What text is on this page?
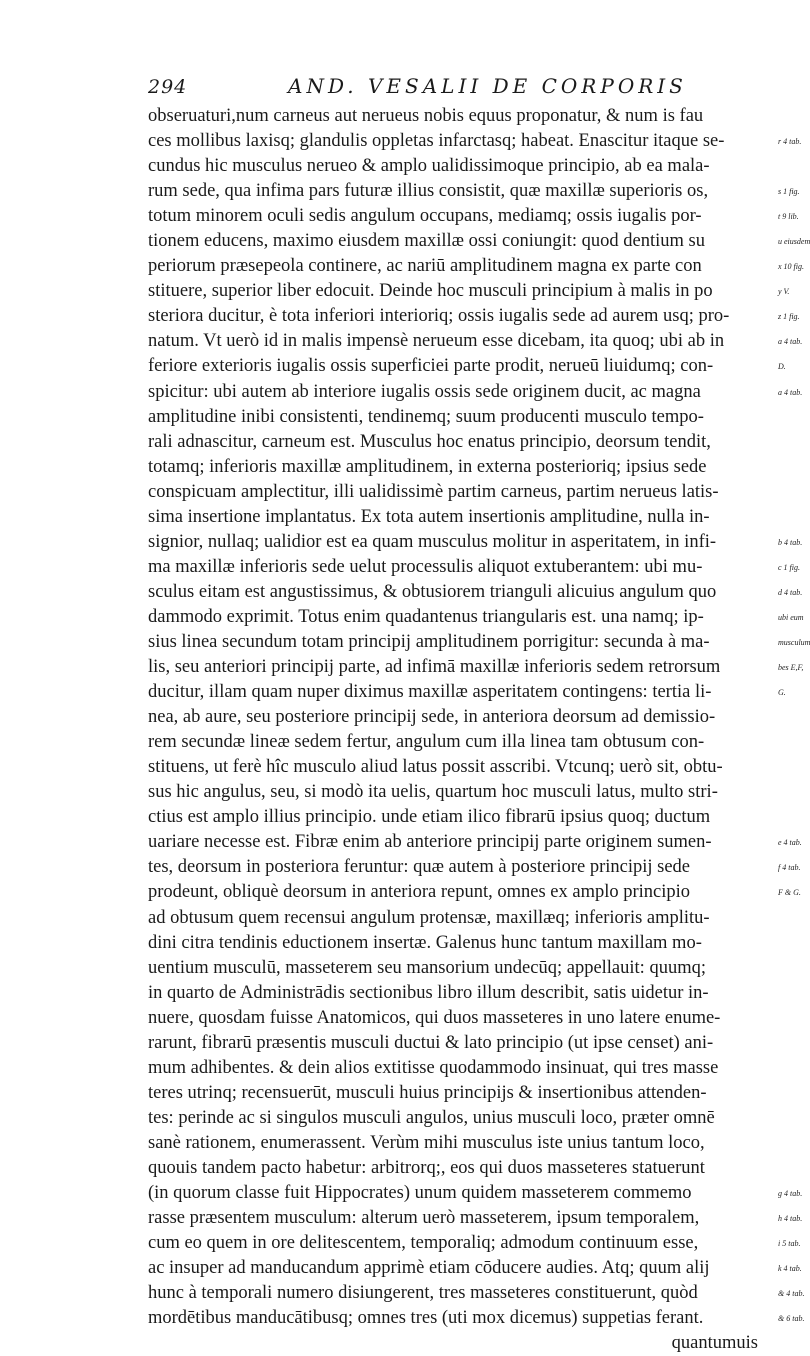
294	AND. VESALII DE CORPORIS
obseruaturi,num carneus aut nerueus nobis equus proponatur, & num is fau
ces mollibus laxisq; glandulis oppletas infarctasq; habeat. Enascitur itaque se-
cundus hic musculus nerueo & amplo ualidissimoque principio, ab ea mala-
rum sede, qua infima pars futuræ illius consistit, quæ maxillæ superioris os,
totum minorem oculi sedis angulum occupans, mediamq; ossis iugalis por-
tionem educens, maximo eiusdem maxillæ ossi coniungit: quod dentium su
periorum præsepeola continere, ac nariū amplitudinem magna ex parte con
stituere, superior liber edocuit. Deinde hoc musculi principium à malis in po
steriora ducitur, è tota inferiori interioriq; ossis iugalis sede ad aurem usq; pro-
natum. Vt uerò id in malis impensè nerueum esse dicebam, ita quoq; ubi ab in
feriore exterioris iugalis ossis superficiei parte prodit, nerueū liuidumq; con-
spicitur: ubi autem ab interiore iugalis ossis sede originem ducit, ac magna
amplitudine inibi consistenti, tendinemq; suum producenti musculo tempo-
rali adnascitur, carneum est. Musculus hoc enatus principio, deorsum tendit,
totamq; inferioris maxillæ amplitudinem, in externa posterioriq; ipsius sede
conspicuam amplectitur, illi ualidissimè partim carneus, partim nerueus latis-
sima insertione implantatus. Ex tota autem insertionis amplitudine, nulla in-
signior, nullaq; ualidior est ea quam musculus molitur in asperitatem, in infi-
ma maxillæ inferioris sede uelut processulis aliquot extuberantem: ubi mu-
sculus eitam est angustissimus, & obtusiorem trianguli alicuius angulum quo
dammodo exprimit. Totus enim quadantenus triangularis est. una namq; ip-
sius linea secundum totam principij amplitudinem porrigitur: secunda à ma-
lis, seu anteriori principij parte, ad infimā maxillæ inferioris sedem retrorsum
ducitur, illam quam nuper diximus maxillæ asperitatem contingens: tertia li-
nea, ab aure, seu posteriore principij sede, in anteriora deorsum ad demissio-
rem secundæ lineæ sedem fertur, angulum cum illa linea tam obtusum con-
stituens, ut ferè hîc musculo aliud latus possit asscribi. Vtcunq; uerò sit, obtu-
sus hic angulus, seu, si modò ita uelis, quartum hoc musculi latus, multo stri-
ctius est amplo illius principio. unde etiam ilico fibrarū ipsius quoq; ductum
uariare necesse est. Fibræ enim ab anteriore principij parte originem sumen-
tes, deorsum in posteriora feruntur: quæ autem à posteriore principij sede
prodeunt, obliquè deorsum in anteriora repunt, omnes ex amplo principio
ad obtusum quem recensui angulum protensæ, maxillæq; inferioris amplitu-
dini citra tendinis eductionem insertæ. Galenus hunc tantum maxillam mo-
uentium musculū, masseterem seu mansorium undecūq; appellauit: quumq;
in quarto de Administrādis sectionibus libro illum describit, satis uidetur in-
nuere, quosdam fuisse Anatomicos, qui duos masseteres in uno latere enume-
rarunt, fibrarū præsentis musculi ductui & lato principio (ut ipse censet) ani-
mum adhibentes. & dein alios extitisse quodammodo insinuat, qui tres masse
teres utrinq; recensuerūt, musculi huius principijs & insertionibus attenden-
tes: perinde ac si singulos musculi angulos, unius musculi loco, præter omnē
sanè rationem, enumerassent. Verùm mihi musculus iste unius tantum loco,
quouis tandem pacto habetur: arbitrorq;, eos qui duos masseteres statuerunt
(in quorum classe fuit Hippocrates) unum quidem masseterem commemo
rasse præsentem musculum: alterum uerò masseterem, ipsum temporalem,
cum eo quem in ore delitescentem, temporaliq; admodum continuum esse,
ac insuper ad manducandum apprimè etiam cōducere audies. Atq; quum alij
hunc à temporali numero disiungerent, tres masseteres constituerunt, quòd
mordētibus manducātibusq; omnes tres (uti mox dicemus) suppetias ferant.
quantumuis
r 4 tab.
s 1 fig.
t 9 lib.
u eiusdem
x 10 fig.
y V.
z 1 fig.
a 4 tab.
D.
a 4 tab.
b 4 tab.
c 1 fig.
d 4 tab.
ubi eum
musculum
bes E,F,
G.
e 4 tab.
f 4 tab.
F & G.
g 4 tab.
h 4 tab.
i 5 tab.
k 4 tab.
& 4 tab.
& 6 tab.
